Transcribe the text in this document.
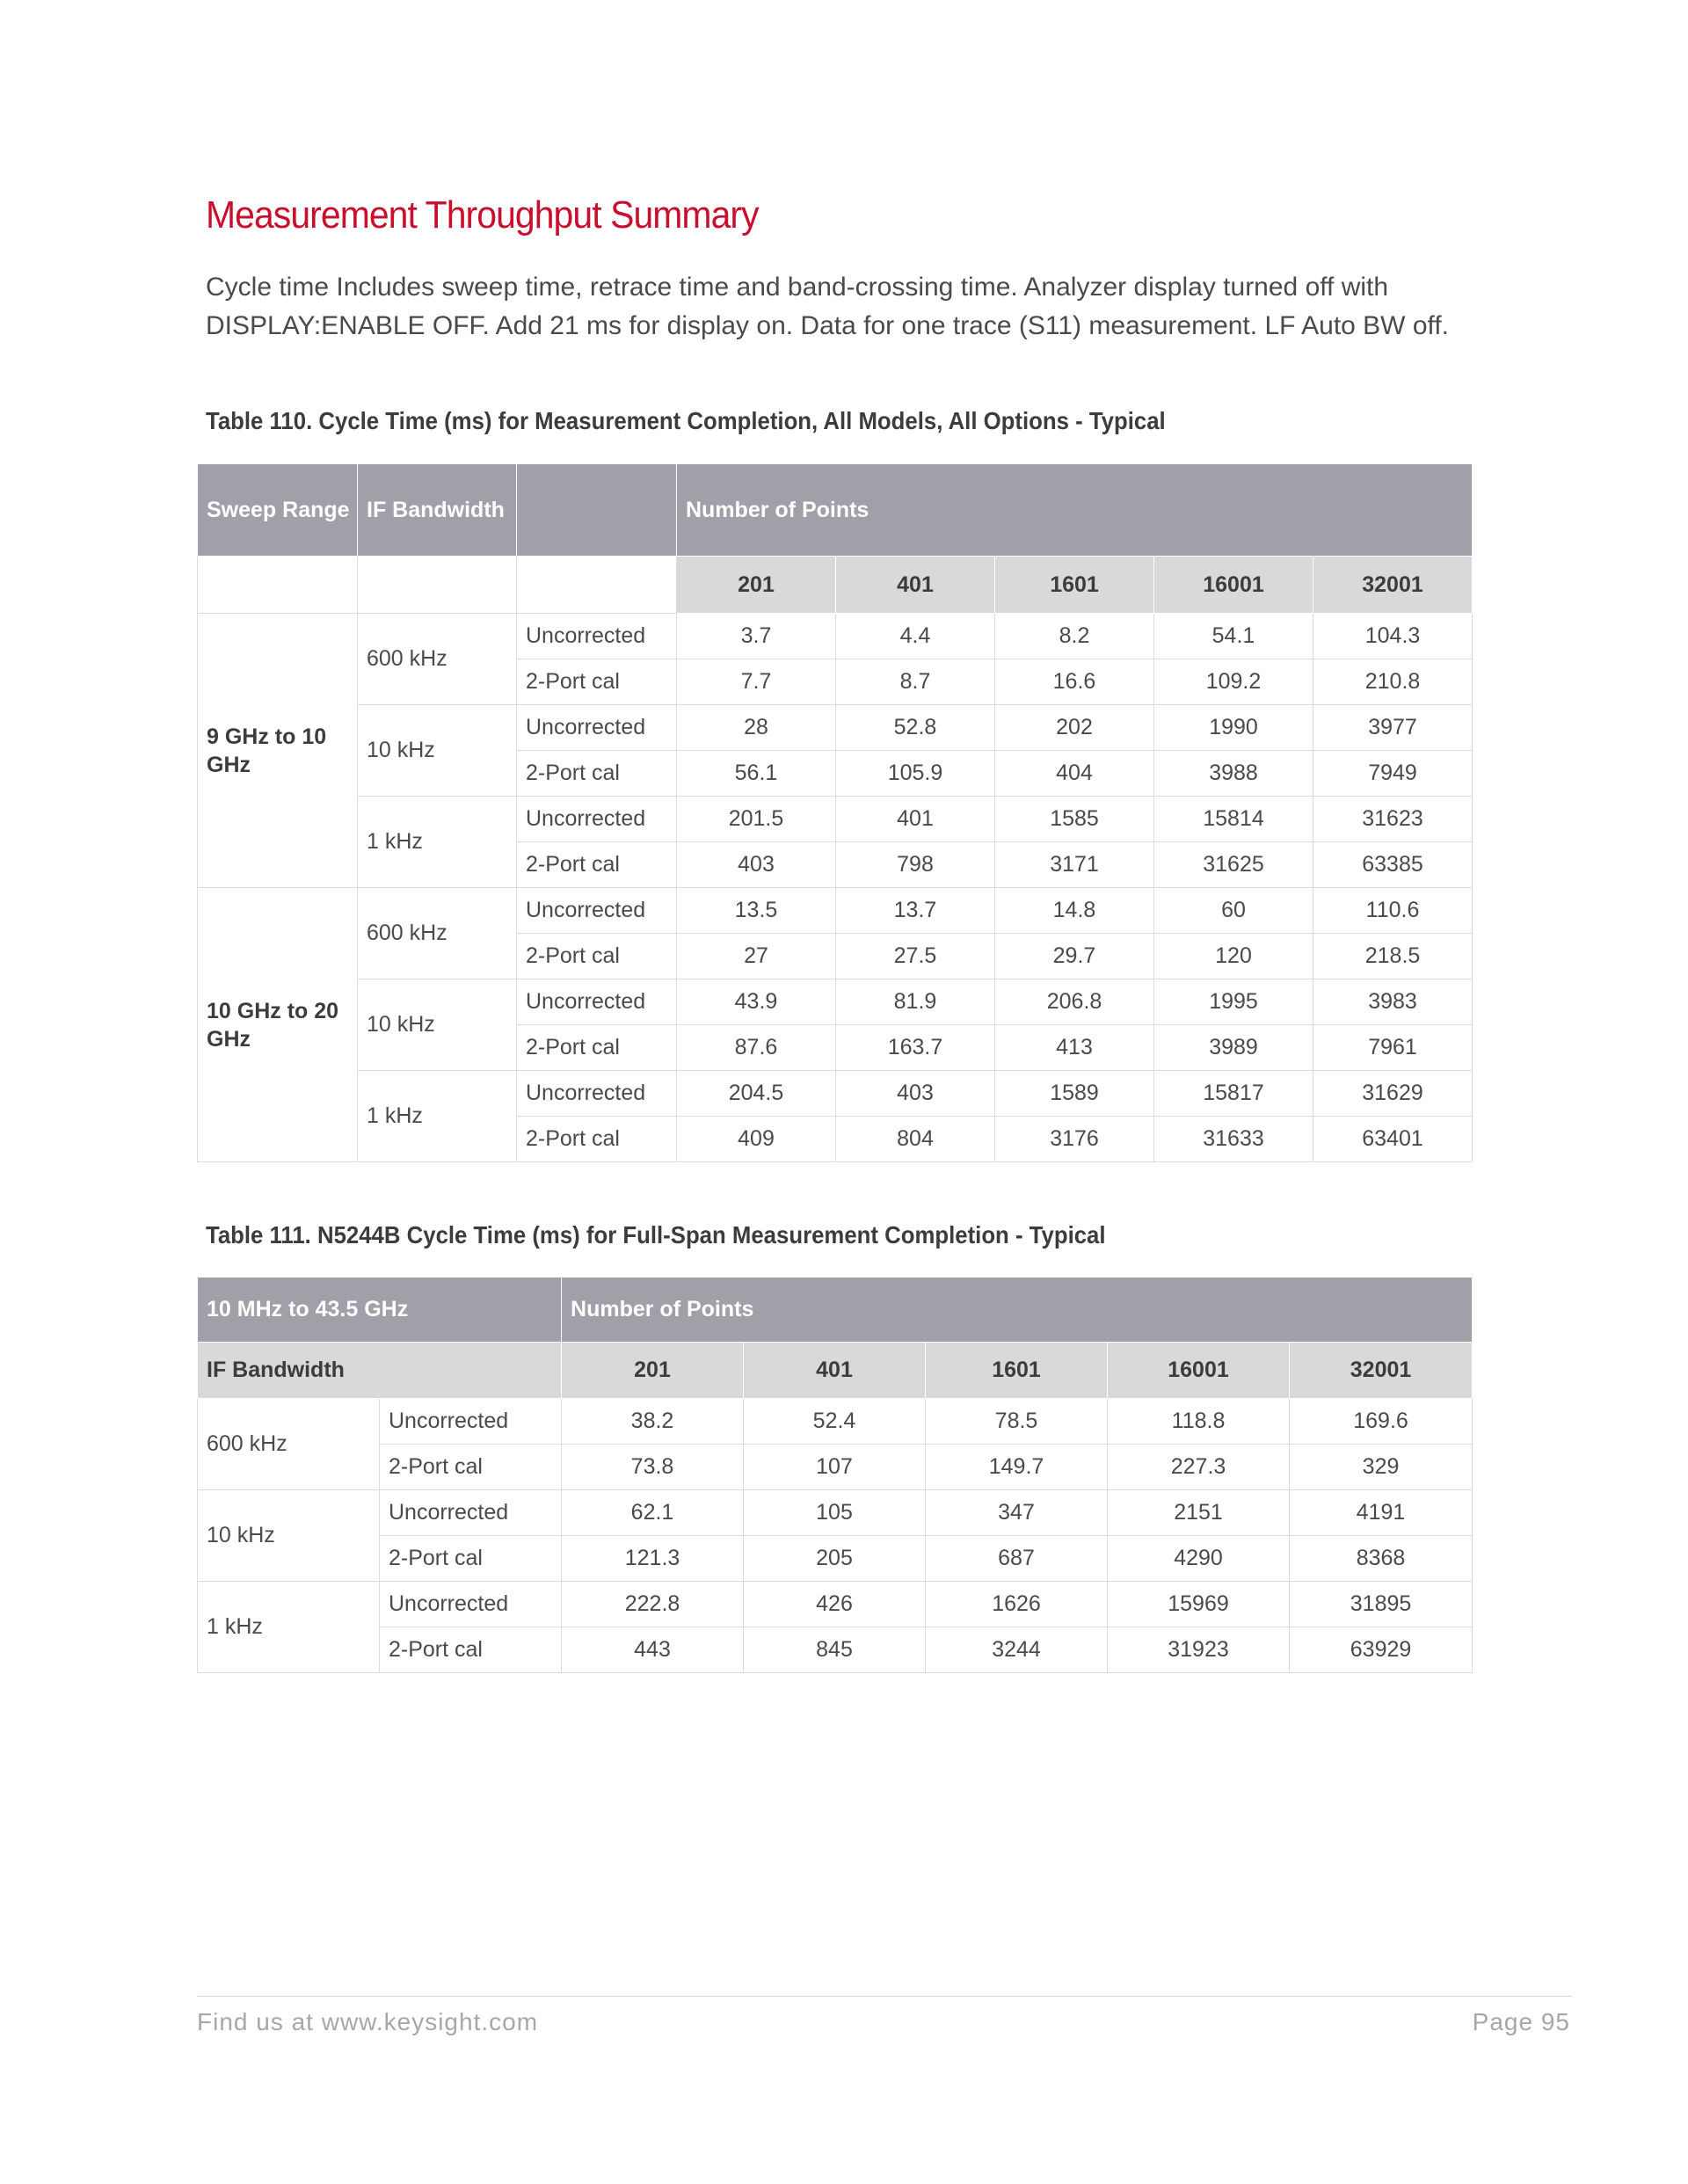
Measurement Throughput Summary

Cycle time Includes sweep time, retrace time and band-crossing time. Analyzer display turned off with DISPLAY:ENABLE OFF. Add 21 ms for display on. Data for one trace (S11) measurement. LF Auto BW off.

Table 110. Cycle Time (ms) for Measurement Completion, All Models, All Options - Typical
Sweep Range	IF Bandwidth		Number of Points				
			201	401	1601	16001	32001
9 GHz to 10 GHz	600 kHz	Uncorrected	3.7	4.4	8.2	54.1	104.3
		2-Port cal	7.7	8.7	16.6	109.2	210.8
	10 kHz	Uncorrected	28	52.8	202	1990	3977
		2-Port cal	56.1	105.9	404	3988	7949
	1 kHz	Uncorrected	201.5	401	1585	15814	31623
		2-Port cal	403	798	3171	31625	63385
10 GHz to 20 GHz	600 kHz	Uncorrected	13.5	13.7	14.8	60	110.6
		2-Port cal	27	27.5	29.7	120	218.5
	10 kHz	Uncorrected	43.9	81.9	206.8	1995	3983
		2-Port cal	87.6	163.7	413	3989	7961
	1 kHz	Uncorrected	204.5	403	1589	15817	31629
		2-Port cal	409	804	3176	31633	63401
Table 111. N5244B Cycle Time (ms) for Full-Span Measurement Completion - Typical
10 MHz to 43.5 GHz		Number of Points				
IF Bandwidth		201	401	1601	16001	32001
600 kHz	Uncorrected	38.2	52.4	78.5	118.8	169.6
	2-Port cal	73.8	107	149.7	227.3	329
10 kHz	Uncorrected	62.1	105	347	2151	4191
	2-Port cal	121.3	205	687	4290	8368
1 kHz	Uncorrected	222.8	426	1626	15969	31895
	2-Port cal	443	845	3244	31923	63929
Find us at www.keysight.com	Page 95
